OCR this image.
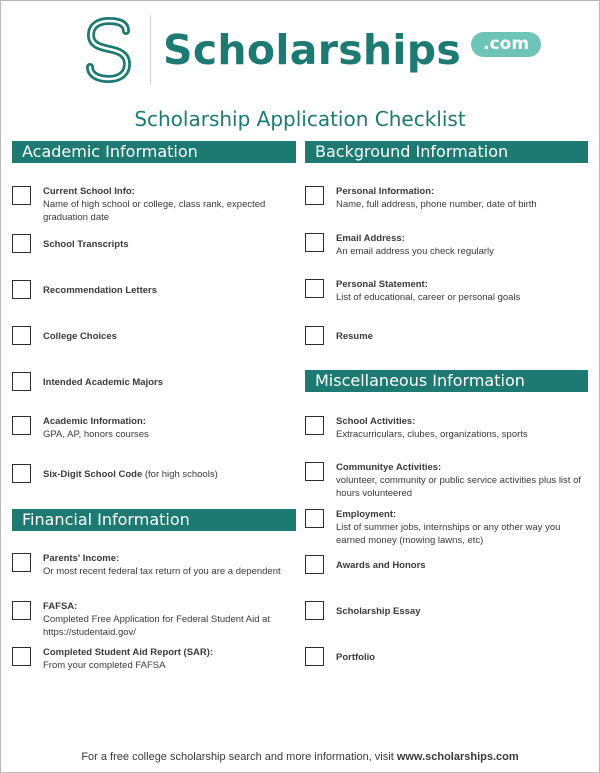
Scholarships	.com
Scholarship Application Checklist
Academic Information
Current School Info:
Name of high school or college, class rank, expected graduation date
School Transcripts
Recommendation Letters
College Choices
Intended Academic Majors
Academic Information:
GPA, AP, honors courses
Six-Digit School Code (for high schools)
Financial Information
Parents' Income:
Or most recent federal tax return of you are a dependent
FAFSA:
Completed Free Application for Federal Student Aid at https://studentaid.gov/
Completed Student Aid Report (SAR):
From your completed FAFSA
Background Information
Personal Information:
Name, full address, phone number, date of birth
Email Address:
An email address you check regularly
Personal Statement:
List of educational, career or personal goals
Resume
Miscellaneous Information
School Activities:
Extracurriculars, clubes, organizations, sports
Communitye Activities:
volunteer, community or public service activities plus list of hours volunteered
Employment:
List of summer jobs, internships or any other way you earned money (mowing lawns, etc)
Awards and Honors
Scholarship Essay
Portfolio
For a free college scholarship search and more information, visit www.scholarships.com
